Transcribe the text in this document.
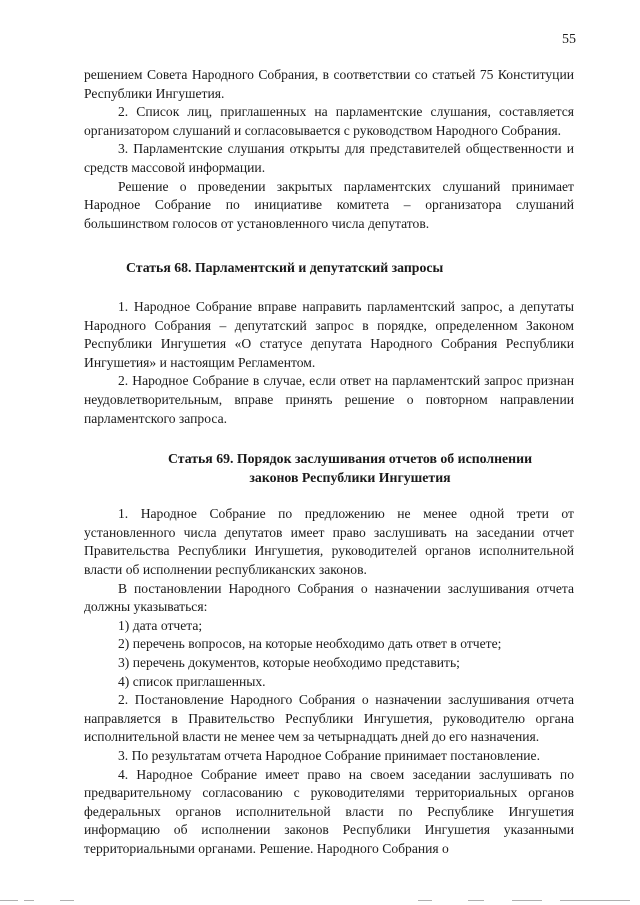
55

решением Совета Народного Собрания, в соответствии со статьей 75 Конституции Республики Ингушетия.

2. Список лиц, приглашенных на парламентские слушания, составляется организатором слушаний и согласовывается с руководством Народного Собрания.

3. Парламентские слушания открыты для представителей общественности и средств массовой информации.

Решение о проведении закрытых парламентских слушаний принимает Народное Собрание по инициативе комитета – организатора слушаний большинством голосов от установленного числа депутатов.

Статья 68. Парламентский и депутатский запросы

1. Народное Собрание вправе направить парламентский запрос, а депутаты Народного Собрания – депутатский запрос в порядке, определенном Законом Республики Ингушетия «О статусе депутата Народного Собрания Республики Ингушетия» и настоящим Регламентом.

2. Народное Собрание в случае, если ответ на парламентский запрос признан неудовлетворительным, вправе принять решение о повторном направлении парламентского запроса.

Статья 69. Порядок заслушивания отчетов об исполнении
законов Республики Ингушетия

1. Народное Собрание по предложению не менее одной трети от установленного числа депутатов имеет право заслушивать на заседании отчет Правительства Республики Ингушетия, руководителей органов исполнительной власти об исполнении республиканских законов.

В постановлении Народного Собрания о назначении заслушивания отчета должны указываться:

1) дата отчета;

2) перечень вопросов, на которые необходимо дать ответ в отчете;

3) перечень документов, которые необходимо представить;

4) список приглашенных.

2. Постановление Народного Собрания о назначении заслушивания отчета направляется в Правительство Республики Ингушетия, руководителю органа исполнительной власти не менее чем за четырнадцать дней до его назначения.

3. По результатам отчета Народное Собрание принимает постановление.

4. Народное Собрание имеет право на своем заседании заслушивать по предварительному согласованию с руководителями территориальных органов федеральных органов исполнительной власти по Республике Ингушетия информацию об исполнении законов Республики Ингушетия указанными территориальными органами. Решение. Народного Собрания о
